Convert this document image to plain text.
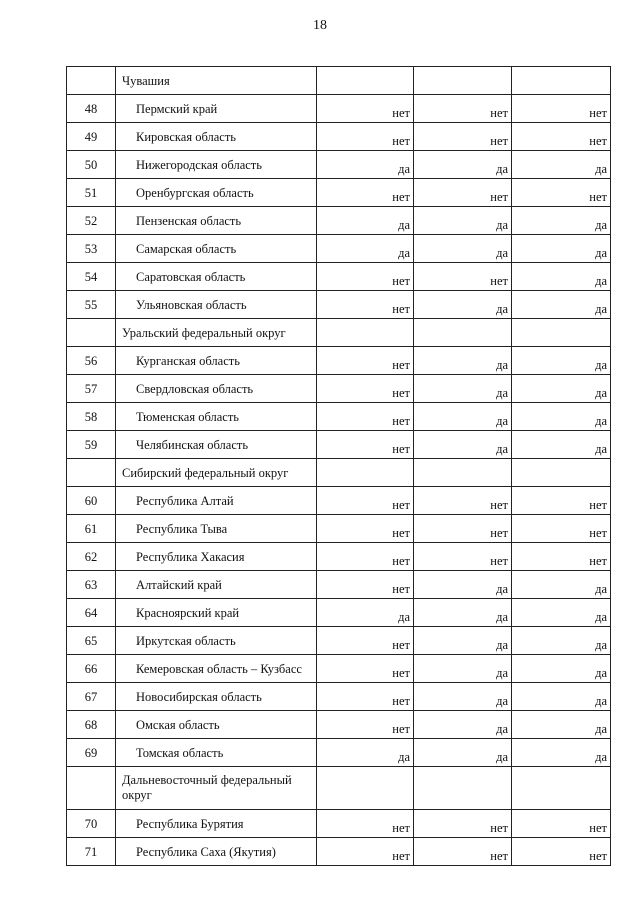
18
	Чувашия			
48	Пермский край	нет	нет	нет
49	Кировская область	нет	нет	нет
50	Нижегородская область	да	да	да
51	Оренбургская область	нет	нет	нет
52	Пензенская область	да	да	да
53	Самарская область	да	да	да
54	Саратовская область	нет	нет	да
55	Ульяновская область	нет	да	да
	Уральский федеральный округ			
56	Курганская область	нет	да	да
57	Свердловская область	нет	да	да
58	Тюменская область	нет	да	да
59	Челябинская область	нет	да	да
	Сибирский федеральный округ			
60	Республика Алтай	нет	нет	нет
61	Республика Тыва	нет	нет	нет
62	Республика Хакасия	нет	нет	нет
63	Алтайский край	нет	да	да
64	Красноярский край	да	да	да
65	Иркутская область	нет	да	да
66	Кемеровская область – Кузбасс	нет	да	да
67	Новосибирская область	нет	да	да
68	Омская область	нет	да	да
69	Томская область	да	да	да
	Дальневосточный федеральный округ			
70	Республика Бурятия	нет	нет	нет
71	Республика Саха (Якутия)	нет	нет	нет
